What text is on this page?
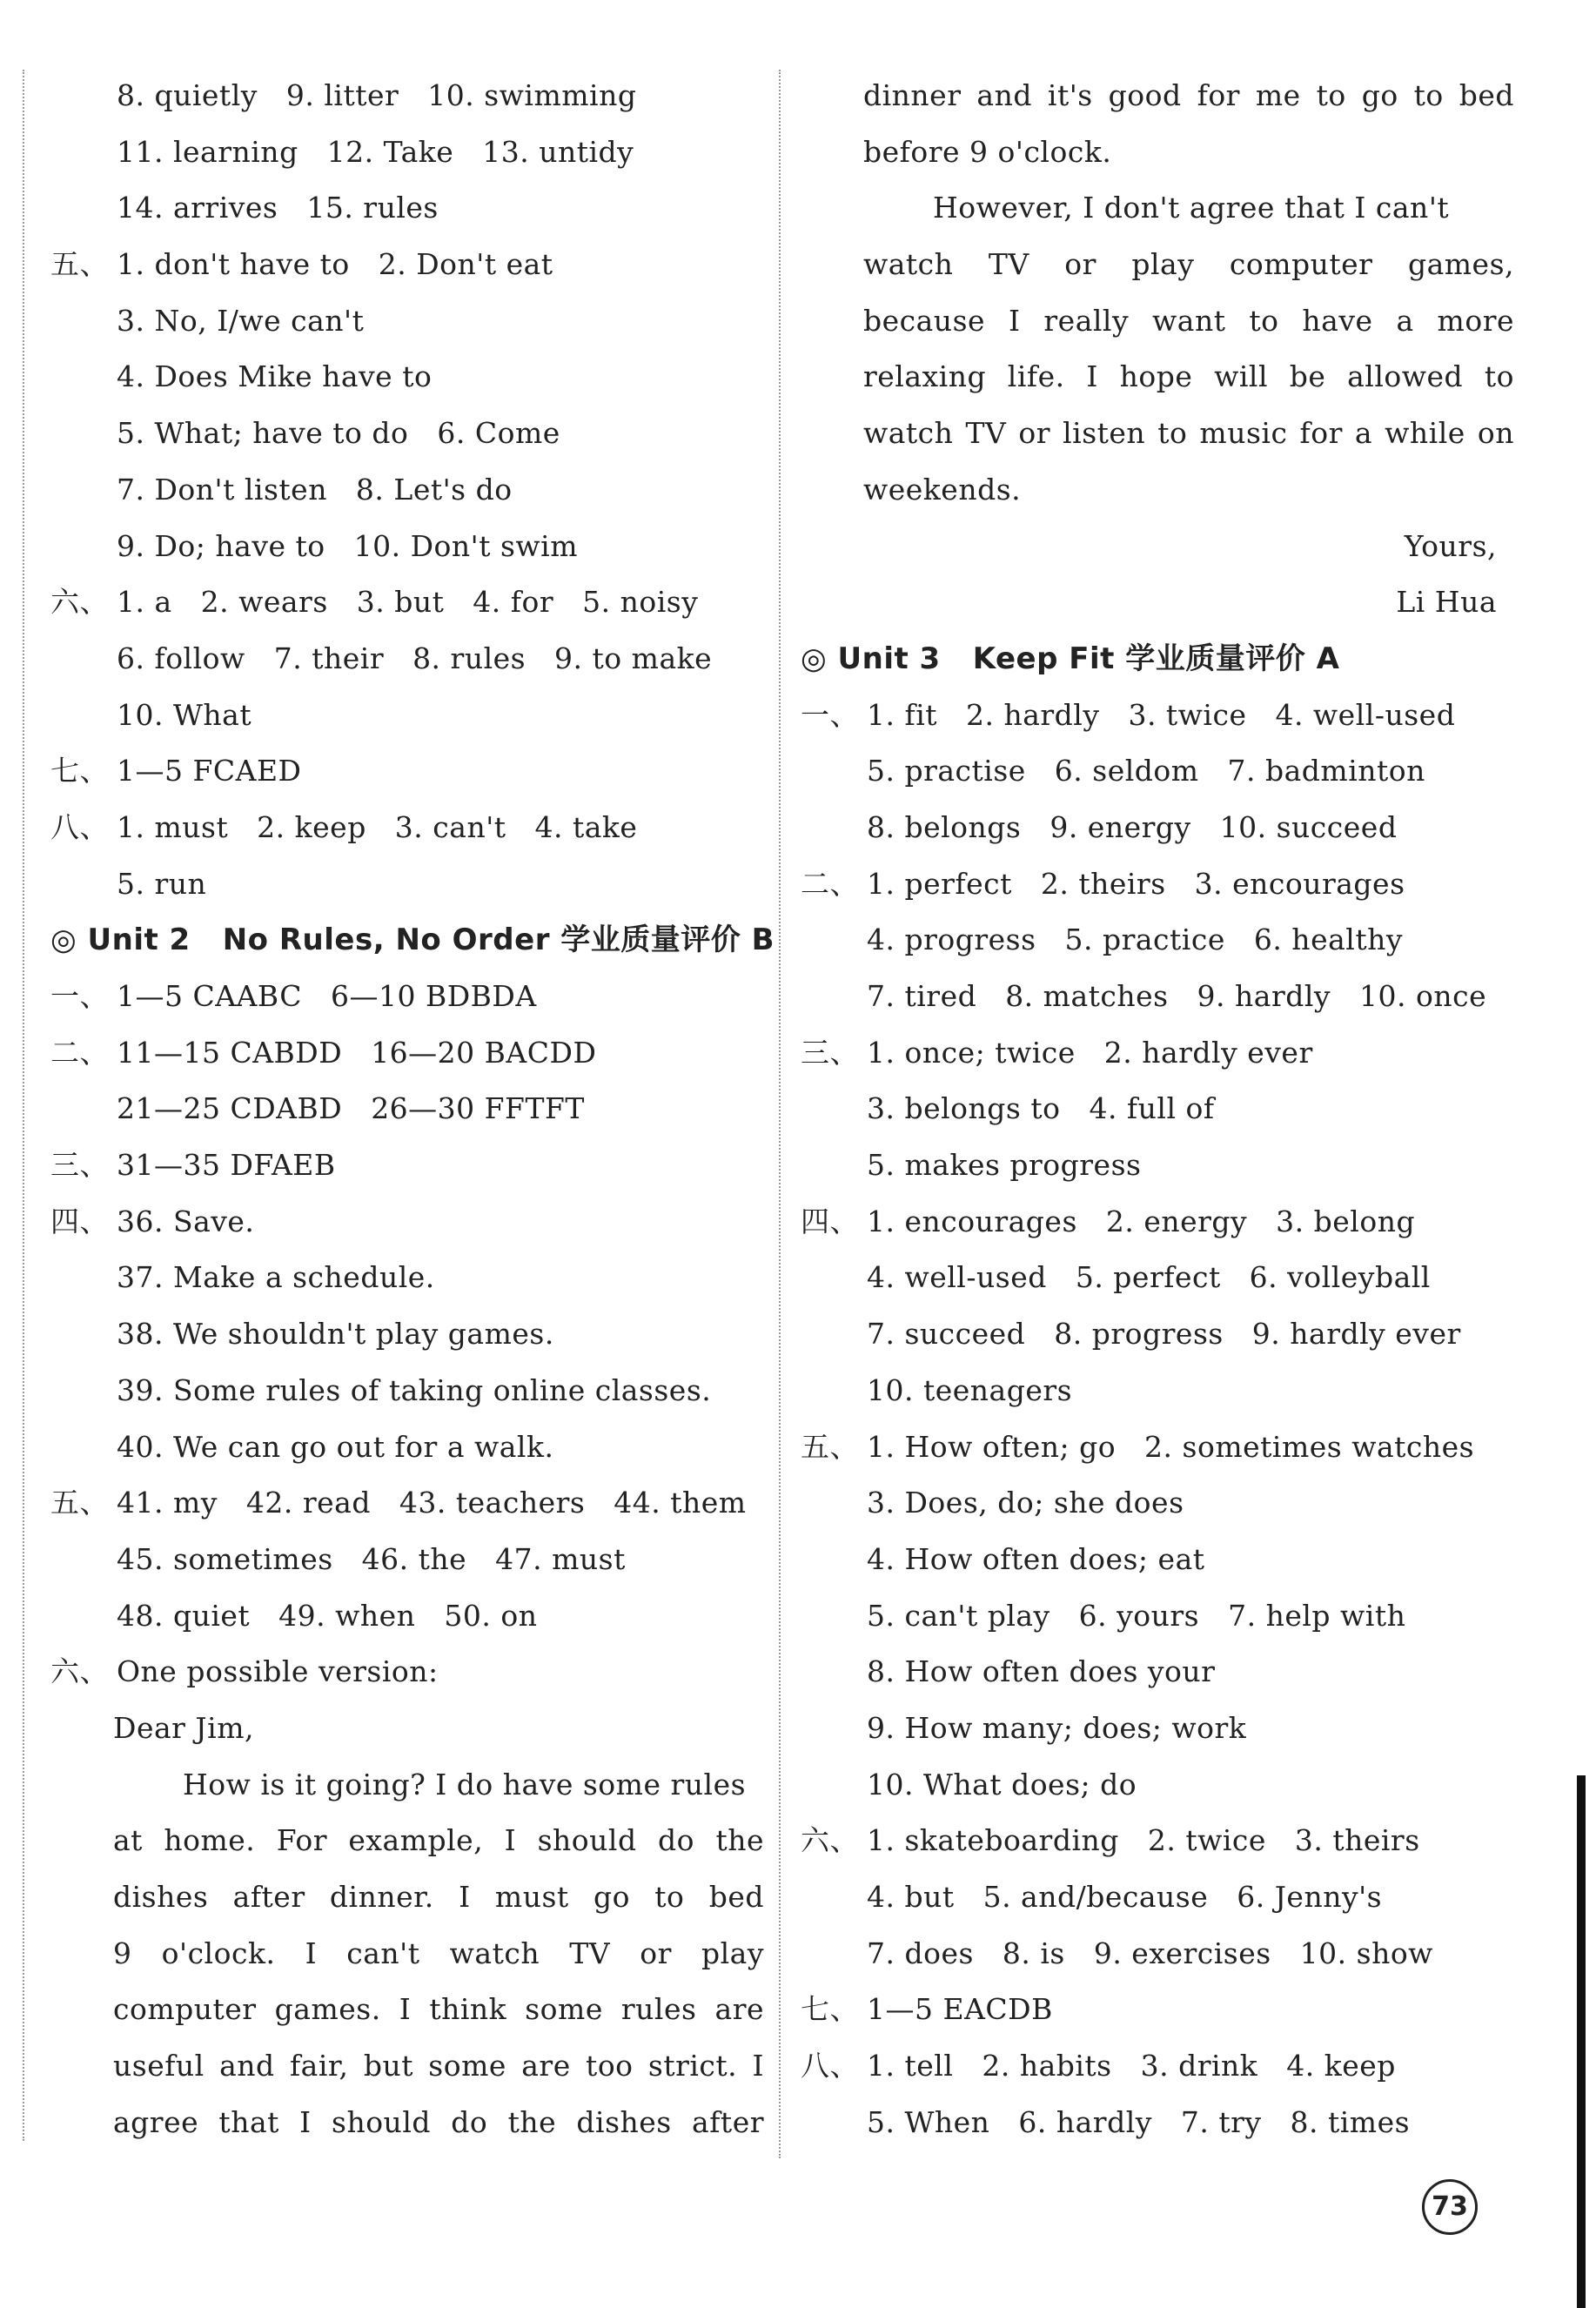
8. quietly   9. litter   10. swimming
11. learning   12. Take   13. untidy
14. arrives   15. rules
五、 1. don't have to   2. Don't eat
3. No, I/we can't
4. Does Mike have to
5. What; have to do   6. Come
7. Don't listen   8. Let's do
9. Do; have to   10. Don't swim
六、 1. a   2. wears   3. but   4. for   5. noisy
6. follow   7. their   8. rules   9. to make
10. What
七、 1—5 FCAED
八、 1. must   2. keep   3. can't   4. take
5. run
◎ Unit 2   No Rules, No Order 学业质量评价 B
一、 1—5 CAABC   6—10 BDBDA
二、 11—15 CABDD   16—20 BACDD
21—25 CDABD   26—30 FFTFT
三、 31—35 DFAEB
四、 36. Save.
37. Make a schedule.
38. We shouldn't play games.
39. Some rules of taking online classes.
40. We can go out for a walk.
五、 41. my   42. read   43. teachers   44. them
45. sometimes   46. the   47. must
48. quiet   49. when   50. on
六、 One possible version:
Dear Jim,
How is it going? I do have some rules
at home. For example, I should do the
dishes after dinner. I must go to bed
9 o'clock. I can't watch TV or play
computer games. I think some rules are
useful and fair, but some are too strict. I
agree that I should do the dishes after
dinner and it's good for me to go to bed
before 9 o'clock.
However, I don't agree that I can't
watch TV or play computer games,
because I really want to have a more
relaxing life. I hope will be allowed to
watch TV or listen to music for a while on
weekends.
Yours,
Li Hua
◎ Unit 3   Keep Fit 学业质量评价 A
一、 1. fit   2. hardly   3. twice   4. well-used
5. practise   6. seldom   7. badminton
8. belongs   9. energy   10. succeed
二、 1. perfect   2. theirs   3. encourages
4. progress   5. practice   6. healthy
7. tired   8. matches   9. hardly   10. once
三、 1. once; twice   2. hardly ever
3. belongs to   4. full of
5. makes progress
四、 1. encourages   2. energy   3. belong
4. well-used   5. perfect   6. volleyball
7. succeed   8. progress   9. hardly ever
10. teenagers
五、 1. How often; go   2. sometimes watches
3. Does, do; she does
4. How often does; eat
5. can't play   6. yours   7. help with
8. How often does your
9. How many; does; work
10. What does; do
六、 1. skateboarding   2. twice   3. theirs
4. but   5. and/because   6. Jenny's
7. does   8. is   9. exercises   10. show
七、 1—5 EACDB
八、 1. tell   2. habits   3. drink   4. keep
5. When   6. hardly   7. try   8. times
73
